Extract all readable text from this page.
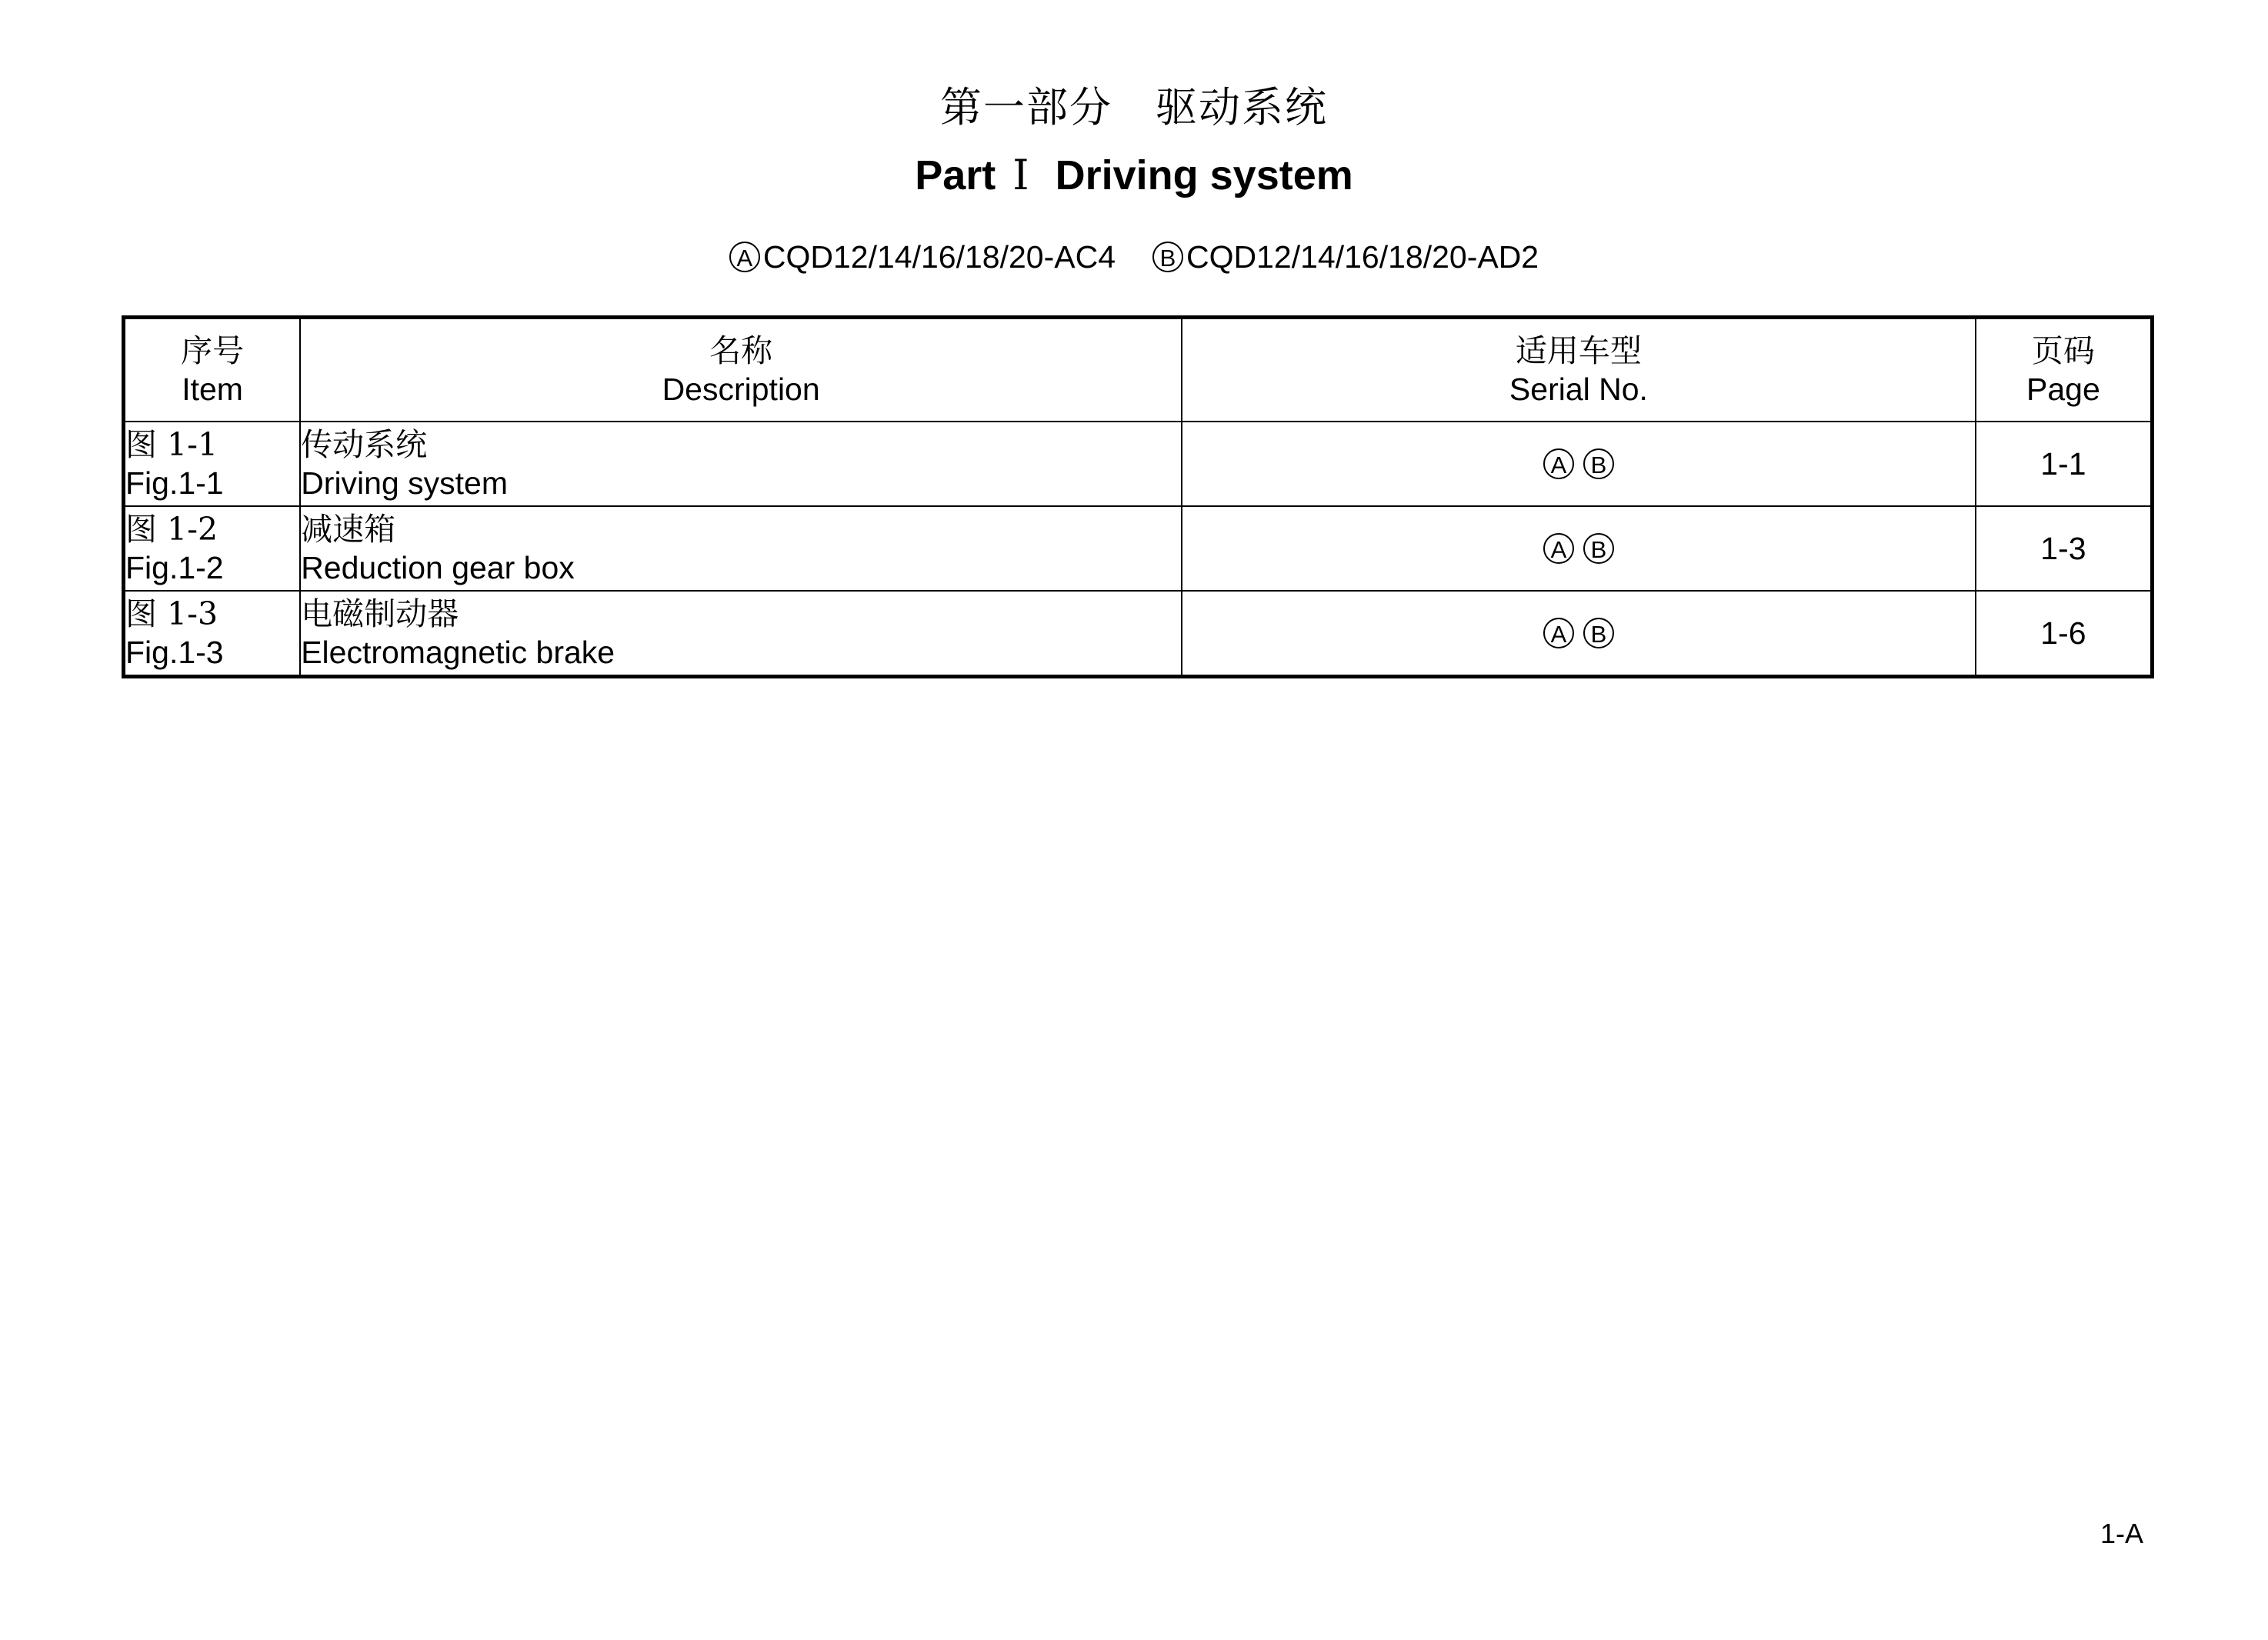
第一部分　驱动系统
Part Ⅰ Driving system
A CQD12/14/16/18/20-AC4 B CQD12/14/16/18/20-AD2
序号
Item	名称
Description	适用车型
Serial No.	页码
Page

图 1-1
Fig.1-1	传动系统
Driving system	A B	1-1

图 1-2
Fig.1-2	减速箱
Reduction gear box	A B	1-3

图 1-3
Fig.1-3	电磁制动器
Electromagnetic brake	A B	1-6
1-A
